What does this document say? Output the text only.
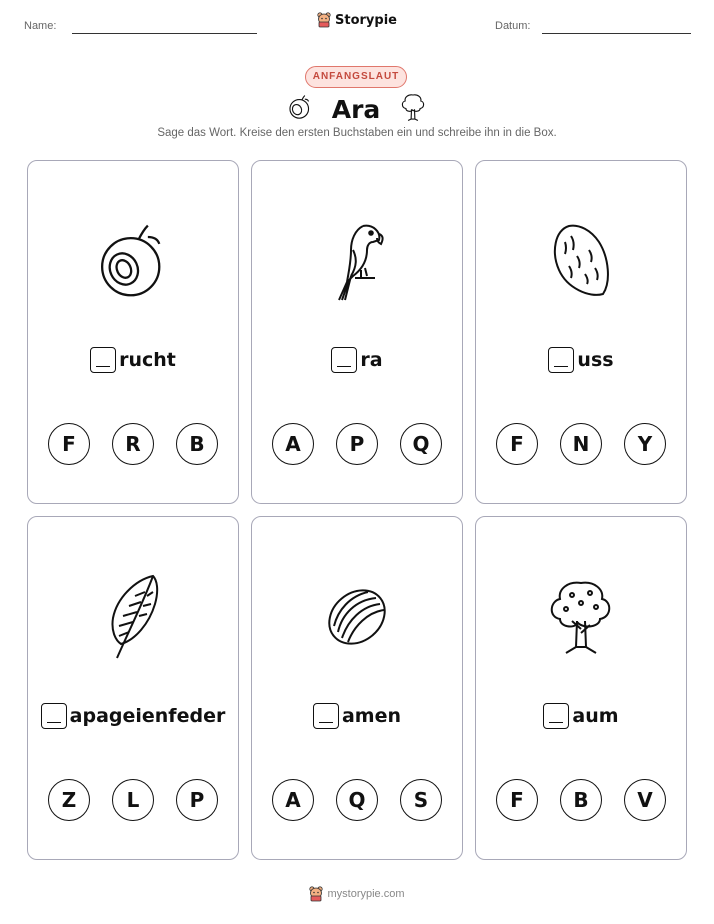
Name:	Storypie	Datum:
ANFANGSLAUT
Ara
Sage das Wort. Kreise den ersten Buchstaben ein und schreibe ihn in die Box.
rucht
F	R	B
ra
A	P	Q
uss
F	N	Y
apageienfeder
Z	L	P
amen
A	Q	S
aum
F	B	V
mystorypie.com
